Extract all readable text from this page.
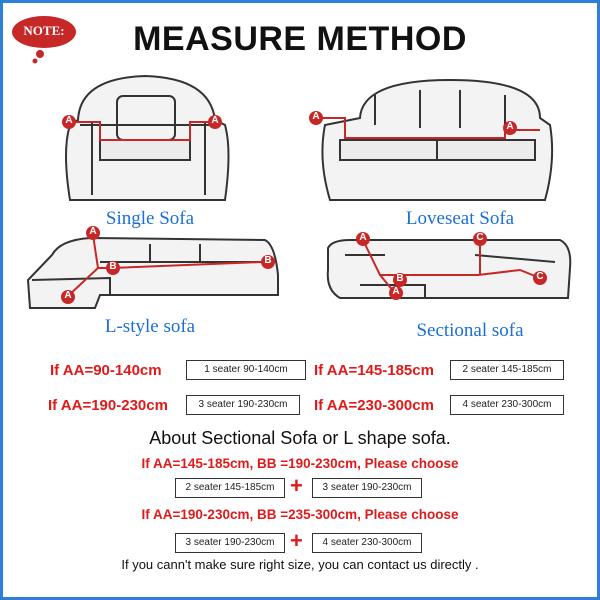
NOTE:	MEASURE METHOD
A	A	A
A
A
A
B
B
A
A
B
C
C
Single Sofa	Loveseat Sofa
L-style sofa	Sectional sofa
If AA=90-140cm	1 seater 90-140cm	If AA=145-185cm	2 seater 145-185cm
If AA=190-230cm	3 seater 190-230cm	If AA=230-300cm	4 seater 230-300cm
About Sectional Sofa or L shape sofa.
If AA=145-185cm, BB =190-230cm, Please choose
2 seater 145-185cm +	3 seater 190-230cm
If AA=190-230cm, BB =235-300cm, Please choose
3 seater 190-230cm +	4 seater 230-300cm
If you cann't make sure right size, you can contact us directly .
